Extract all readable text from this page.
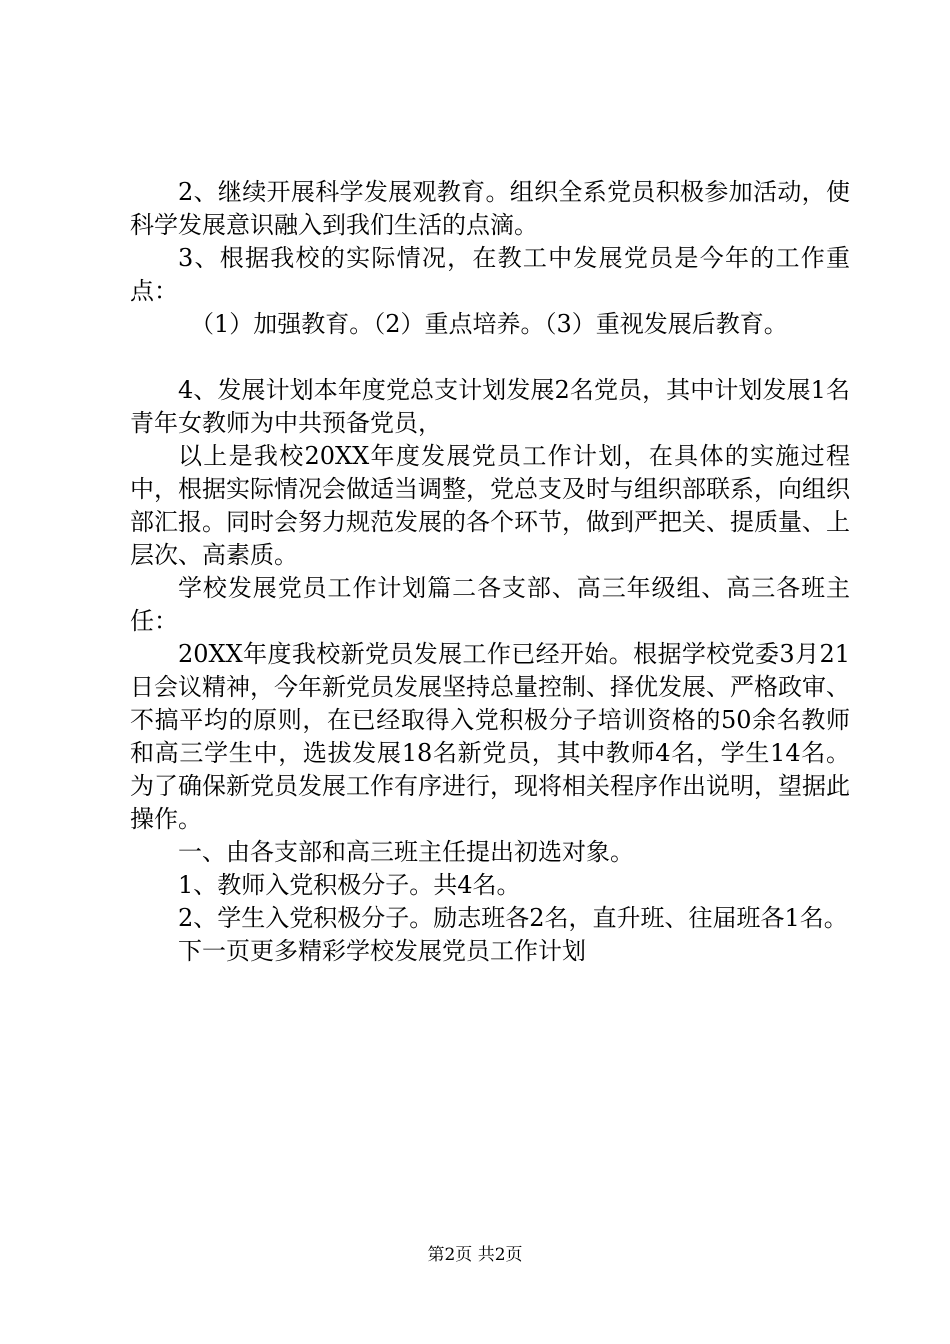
2、继续开展科学发展观教育。组织全系党员积极参加活动，使科学发展意识融入到我们生活的点滴。

3、根据我校的实际情况，在教工中发展党员是今年的工作重点：

（1）加强教育。（2）重点培养。（3）重视发展后教育。

4、发展计划本年度党总支计划发展2名党员，其中计划发展1名青年女教师为中共预备党员，

以上是我校20XX年度发展党员工作计划，在具体的实施过程中，根据实际情况会做适当调整，党总支及时与组织部联系，向组织部汇报。同时会努力规范发展的各个环节，做到严把关、提质量、上层次、高素质。

学校发展党员工作计划篇二各支部、高三年级组、高三各班主任：

20XX年度我校新党员发展工作已经开始。根据学校党委3月21日会议精神，今年新党员发展坚持总量控制、择优发展、严格政审、不搞平均的原则，在已经取得入党积极分子培训资格的50余名教师和高三学生中，选拔发展18名新党员，其中教师4名，学生14名。为了确保新党员发展工作有序进行，现将相关程序作出说明，望据此操作。

一、由各支部和高三班主任提出初选对象。

1、教师入党积极分子。共4名。

2、学生入党积极分子。励志班各2名，直升班、往届班各1名。

下一页更多精彩学校发展党员工作计划

第2页 共2页
